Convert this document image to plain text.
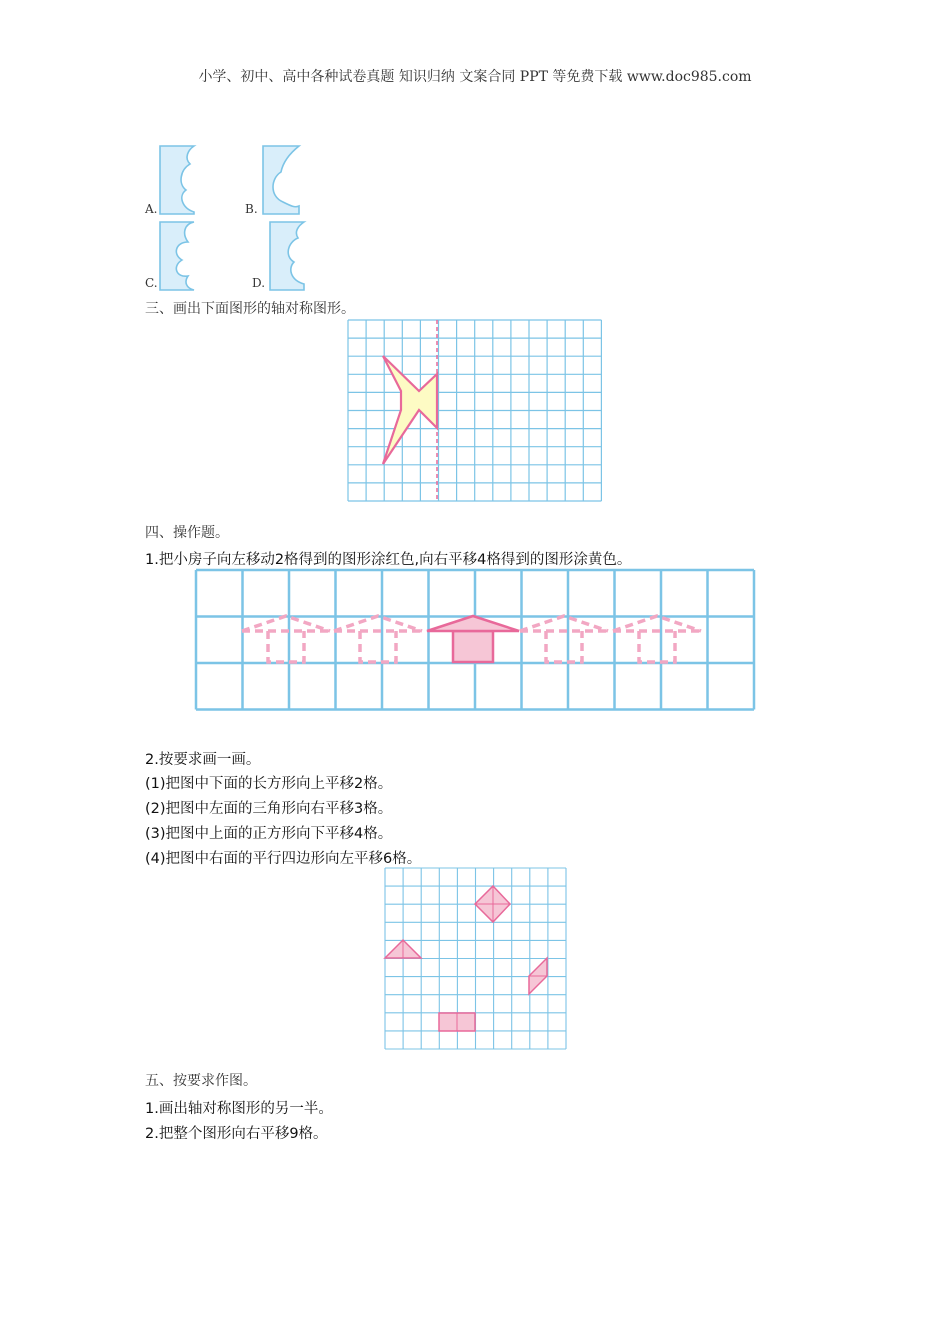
小学、初中、高中各种试卷真题 知识归纳 文案合同 PPT 等免费下载 www.doc985.com
A.	B.
C.	D.
三、画出下面图形的轴对称图形。
四、操作题。
1.把小房子向左移动2格得到的图形涂红色,向右平移4格得到的图形涂黄色。
2.按要求画一画。
(1)把图中下面的长方形向上平移2格。
(2)把图中左面的三角形向右平移3格。
(3)把图中上面的正方形向下平移4格。
(4)把图中右面的平行四边形向左平移6格。
五、按要求作图。
1.画出轴对称图形的另一半。
2.把整个图形向右平移9格。
